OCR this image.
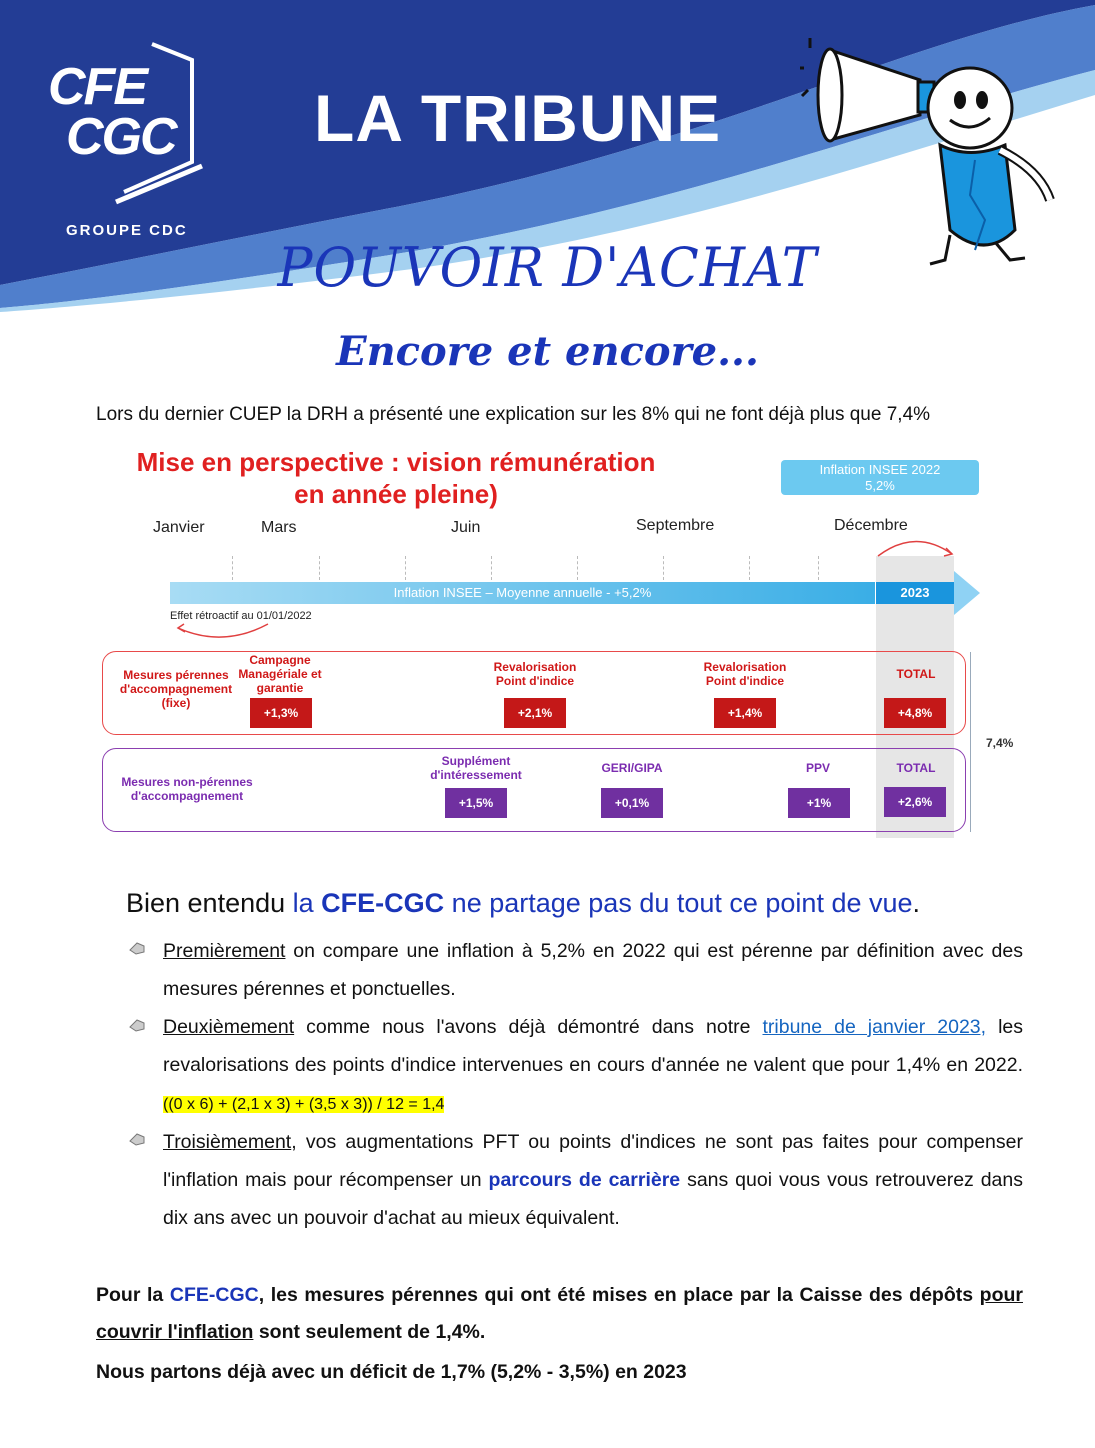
CFE
CGC
GROUPE CDC
LA TRIBUNE
POUVOIR D'ACHAT
Encore et encore...
Lors du dernier CUEP la DRH a présenté une explication sur les 8% qui ne font déjà plus que 7,4%
Mise en perspective : vision rémunération
en année pleine)
Inflation INSEE 2022
5,2%
Janvier	Mars	Juin	Septembre	Décembre
Inflation INSEE – Moyenne annuelle - +5,2%	2023
Effet rétroactif au 01/01/2022
Mesures pérennes
d'accompagnement
(fixe)
Campagne
Managériale et
garantie
+1,3%
Revalorisation
Point d'indice
+2,1%
Revalorisation
Point d'indice
+1,4%
TOTAL
+4,8%
Mesures non-pérennes
d'accompagnement
Supplément
d'intéressement
+1,5%
GERI/GIPA
+0,1%
PPV
+1%
TOTAL
+2,6%
7,4%
Bien entendu la CFE-CGC ne partage pas du tout ce point de vue.
Premièrement on compare une inflation à 5,2% en 2022 qui est pérenne par définition avec des mesures pérennes et ponctuelles.
Deuxièmement comme nous l'avons déjà démontré dans notre tribune de janvier 2023, les revalorisations des points d'indice intervenues en cours d'année ne valent que pour 1,4% en 2022. ((0 x 6) + (2,1 x 3) + (3,5 x 3)) / 12 = 1,4
Troisièmement, vos augmentations PFT ou points d'indices ne sont pas faites pour compenser l'inflation mais pour récompenser un parcours de carrière sans quoi vous vous retrouverez dans dix ans avec un pouvoir d'achat au mieux équivalent.
Pour la CFE-CGC, les mesures pérennes qui ont été mises en place par la Caisse des dépôts pour couvrir l'inflation sont seulement de 1,4%.
Nous partons déjà avec un déficit de 1,7% (5,2% - 3,5%) en 2023
